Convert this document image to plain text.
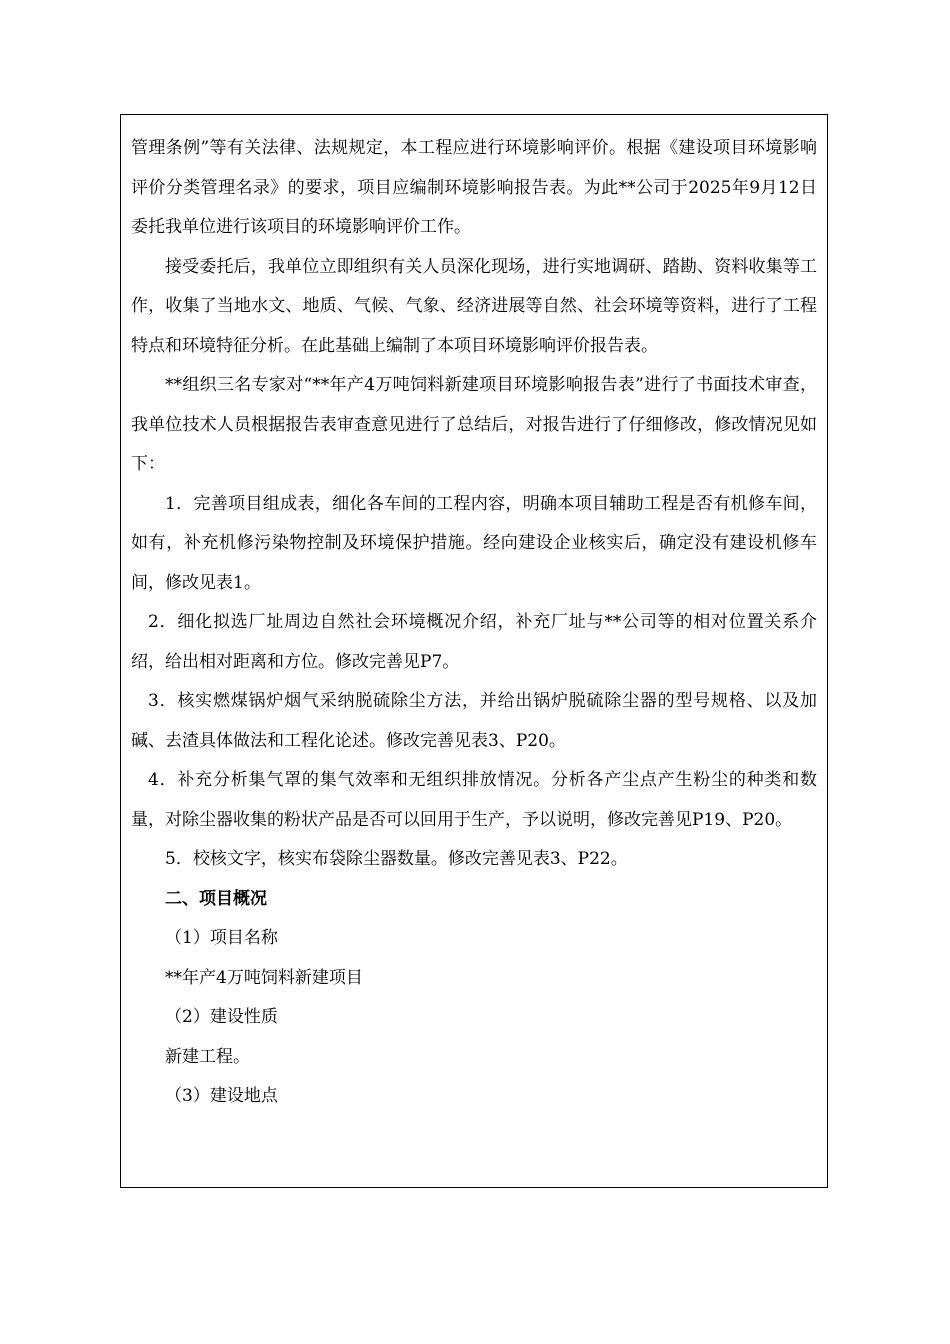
管理条例”等有关法律、法规规定，本工程应进行环境影响评价。根据《建设项目环境影响评价分类管理名录》的要求，项目应编制环境影响报告表。为此**公司于2025年9月12日委托我单位进行该项目的环境影响评价工作。

接受委托后，我单位立即组织有关人员深化现场，进行实地调研、踏勘、资料收集等工作，收集了当地水文、地质、气候、气象、经济进展等自然、社会环境等资料，进行了工程特点和环境特征分析。在此基础上编制了本项目环境影响评价报告表。

**组织三名专家对“**年产4万吨饲料新建项目环境影响报告表”进行了书面技术审查，我单位技术人员根据报告表审查意见进行了总结后，对报告进行了仔细修改，修改情况见如下：

1．完善项目组成表，细化各车间的工程内容，明确本项目辅助工程是否有机修车间，如有，补充机修污染物控制及环境保护措施。经向建设企业核实后，确定没有建设机修车间，修改见表1。

2．细化拟选厂址周边自然社会环境概况介绍，补充厂址与**公司等的相对位置关系介绍，给出相对距离和方位。修改完善见P7。

3．核实燃煤锅炉烟气采纳脱硫除尘方法，并给出锅炉脱硫除尘器的型号规格、以及加碱、去渣具体做法和工程化论述。修改完善见表3、P20。

4．补充分析集气罩的集气效率和无组织排放情况。分析各产尘点产生粉尘的种类和数量，对除尘器收集的粉状产品是否可以回用于生产，予以说明，修改完善见P19、P20。

5．校核文字，核实布袋除尘器数量。修改完善见表3、P22。

二、项目概况

（1）项目名称

**年产4万吨饲料新建项目

（2）建设性质

新建工程。

（3）建设地点
